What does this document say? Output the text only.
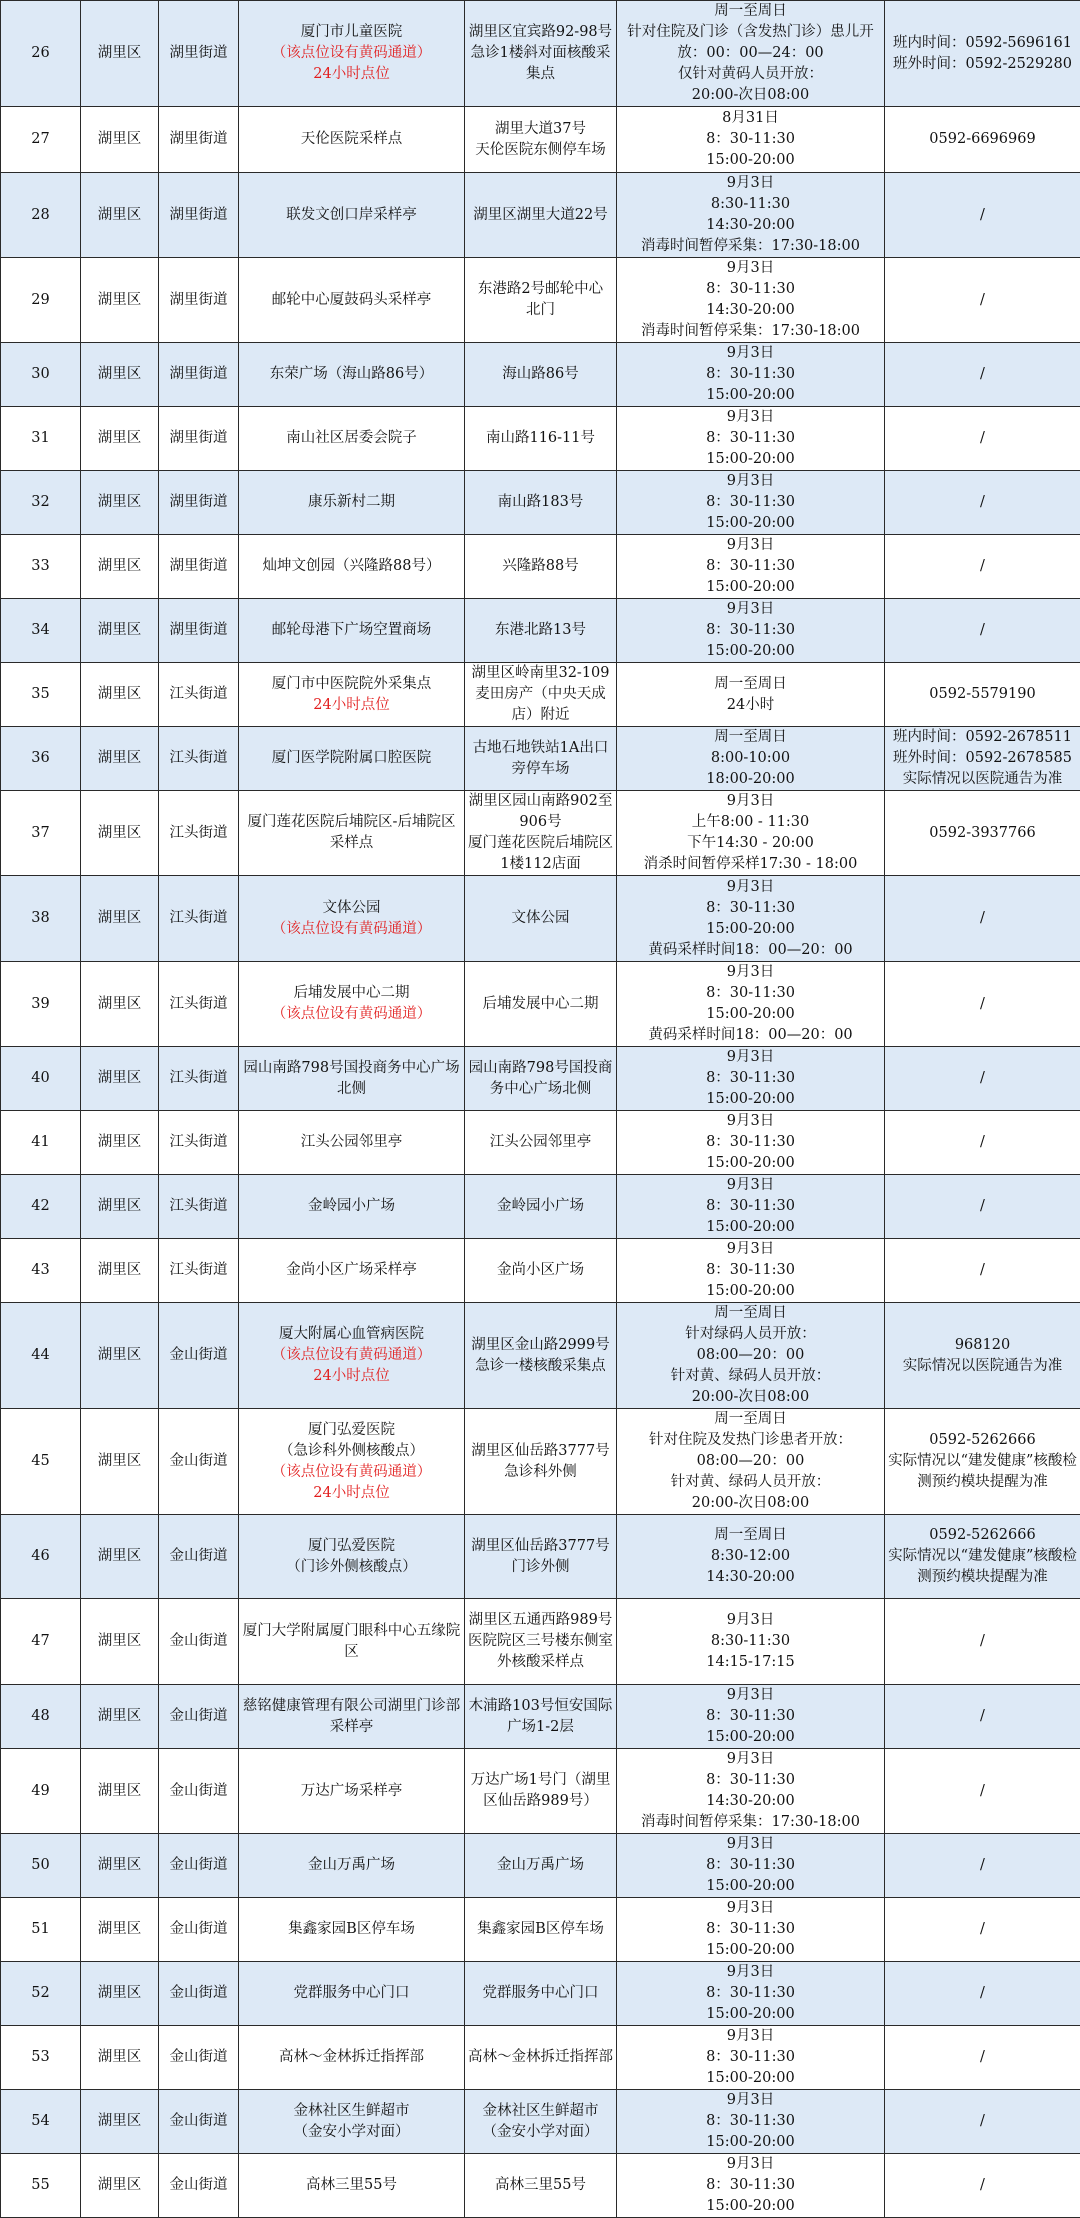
26	湖里区	湖里街道	厦门市儿童医院
（该点位设有黄码通道）
24小时点位	湖里区宜宾路92-98号
急诊1楼斜对面核酸采集点	周一至周日
针对住院及门诊（含发热门诊）患儿开放：00：00—24：00
仅针对黄码人员开放：
20:00-次日08:00	班内时间：0592-5696161
班外时间：0592-2529280

27	湖里区	湖里街道	天伦医院采样点	湖里大道37号
天伦医院东侧停车场	8月31日
8：30-11:30
15:00-20:00	0592-6696969

28	湖里区	湖里街道	联发文创口岸采样亭	湖里区湖里大道22号	9月3日
8:30-11:30
14:30-20:00
消毒时间暂停采集：17:30-18:00	/

29	湖里区	湖里街道	邮轮中心厦鼓码头采样亭	东港路2号邮轮中心
北门	9月3日
8：30-11:30
14:30-20:00
消毒时间暂停采集：17:30-18:00	/

30	湖里区	湖里街道	东荣广场（海山路86号）	海山路86号	9月3日
8：30-11:30
15:00-20:00	/

31	湖里区	湖里街道	南山社区居委会院子	南山路116-11号	9月3日
8：30-11:30
15:00-20:00	/

32	湖里区	湖里街道	康乐新村二期	南山路183号	9月3日
8：30-11:30
15:00-20:00	/

33	湖里区	湖里街道	灿坤文创园（兴隆路88号）	兴隆路88号	9月3日
8：30-11:30
15:00-20:00	/

34	湖里区	湖里街道	邮轮母港下广场空置商场	东港北路13号	9月3日
8：30-11:30
15:00-20:00	/

35	湖里区	江头街道	厦门市中医院院外采集点
24小时点位	湖里区岭南里32-109麦田房产（中央天成店）附近	周一至周日
24小时	0592-5579190

36	湖里区	江头街道	厦门医学院附属口腔医院	古地石地铁站1A出口旁停车场	周一至周日
8:00-10:00
18:00-20:00	班内时间：0592-2678511
班外时间：0592-2678585
实际情况以医院通告为准

37	湖里区	江头街道	厦门莲花医院后埔院区-后埔院区采样点	湖里区园山南路902至906号
厦门莲花医院后埔院区1楼112店面	9月3日
上午8:00 - 11:30
下午14:30 - 20:00
消杀时间暂停采样17:30 - 18:00	0592-3937766

38	湖里区	江头街道	文体公园
（该点位设有黄码通道）	文体公园	9月3日
8：30-11:30
15:00-20:00
黄码采样时间18：00—20：00	/

39	湖里区	江头街道	后埔发展中心二期
（该点位设有黄码通道）	后埔发展中心二期	9月3日
8：30-11:30
15:00-20:00
黄码采样时间18：00—20：00	/

40	湖里区	江头街道	园山南路798号国投商务中心广场北侧	园山南路798号国投商务中心广场北侧	9月3日
8：30-11:30
15:00-20:00	/

41	湖里区	江头街道	江头公园邻里亭	江头公园邻里亭	9月3日
8：30-11:30
15:00-20:00	/

42	湖里区	江头街道	金岭园小广场	金岭园小广场	9月3日
8：30-11:30
15:00-20:00	/

43	湖里区	江头街道	金尚小区广场采样亭	金尚小区广场	9月3日
8：30-11:30
15:00-20:00	/

44	湖里区	金山街道	厦大附属心血管病医院
（该点位设有黄码通道）
24小时点位	湖里区金山路2999号
急诊一楼核酸采集点	周一至周日
针对绿码人员开放：
08:00—20：00
针对黄、绿码人员开放：
20:00-次日08:00	968120
实际情况以医院通告为准

45	湖里区	金山街道	厦门弘爱医院
（急诊科外侧核酸点）
（该点位设有黄码通道）
24小时点位	湖里区仙岳路3777号
急诊科外侧	周一至周日
针对住院及发热门诊患者开放：
08:00—20：00
针对黄、绿码人员开放：
20:00-次日08:00	0592-5262666
实际情况以“建发健康”核酸检测预约模块提醒为准

46	湖里区	金山街道	厦门弘爱医院
（门诊外侧核酸点）	湖里区仙岳路3777号
门诊外侧	周一至周日
8:30-12:00
14:30-20:00	0592-5262666
实际情况以“建发健康”核酸检测预约模块提醒为准

47	湖里区	金山街道	厦门大学附属厦门眼科中心五缘院区	湖里区五通西路989号
医院院区三号楼东侧室外核酸采样点	9月3日
8:30-11:30
14:15-17:15	/

48	湖里区	金山街道	慈铭健康管理有限公司湖里门诊部采样亭	木浦路103号恒安国际广场1-2层	9月3日
8：30-11:30
15:00-20:00	/

49	湖里区	金山街道	万达广场采样亭	万达广场1号门（湖里区仙岳路989号）	9月3日
8：30-11:30
14:30-20:00
消毒时间暂停采集：17:30-18:00	/

50	湖里区	金山街道	金山万禹广场	金山万禹广场	9月3日
8：30-11:30
15:00-20:00	/

51	湖里区	金山街道	集鑫家园B区停车场	集鑫家园B区停车场	9月3日
8：30-11:30
15:00-20:00	/

52	湖里区	金山街道	党群服务中心门口	党群服务中心门口	9月3日
8：30-11:30
15:00-20:00	/

53	湖里区	金山街道	高林～金林拆迁指挥部	高林～金林拆迁指挥部	9月3日
8：30-11:30
15:00-20:00	/

54	湖里区	金山街道	金林社区生鲜超市
（金安小学对面）	金林社区生鲜超市
（金安小学对面）	9月3日
8：30-11:30
15:00-20:00	/

55	湖里区	金山街道	高林三里55号	高林三里55号	9月3日
8：30-11:30
15:00-20:00	/
